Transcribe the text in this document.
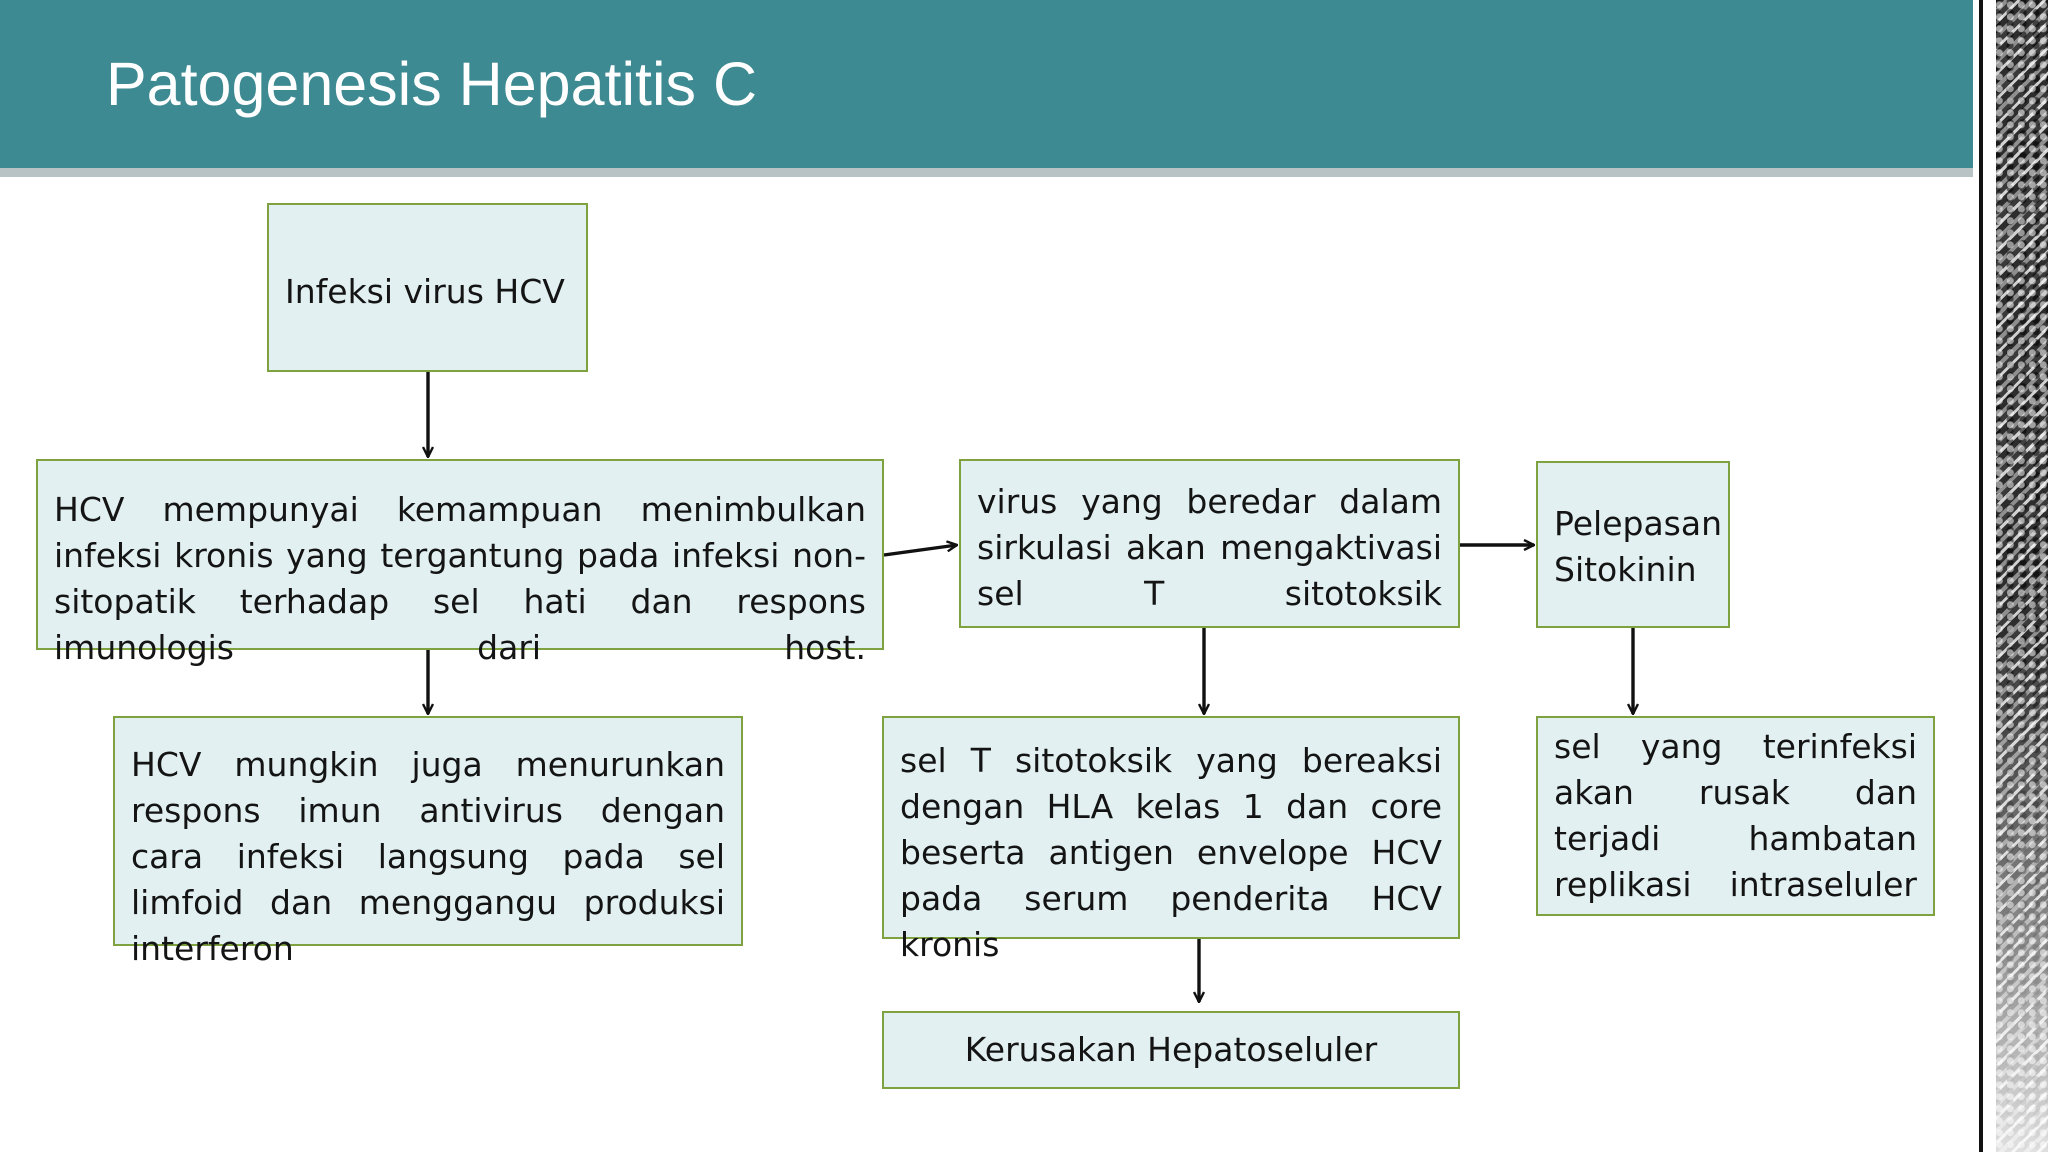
Patogenesis Hepatitis C
Infeksi virus HCV
HCV mempunyai kemampuan menimbulkan infeksi kronis yang tergantung pada infeksi non-sitopatik terhadap sel hati dan respons imunologis dari host.
virus yang beredar dalam sirkulasi akan mengaktivasi sel T sitotoksik
Pelepasan Sitokinin
HCV mungkin juga menurunkan respons imun antivirus dengan cara infeksi langsung pada sel limfoid dan menggangu produksi interferon
sel T sitotoksik yang bereaksi dengan HLA kelas 1 dan core beserta antigen envelope HCV pada serum penderita HCV kronis
sel yang terinfeksi akan rusak dan terjadi hambatan replikasi intraseluler
Kerusakan Hepatoseluler
